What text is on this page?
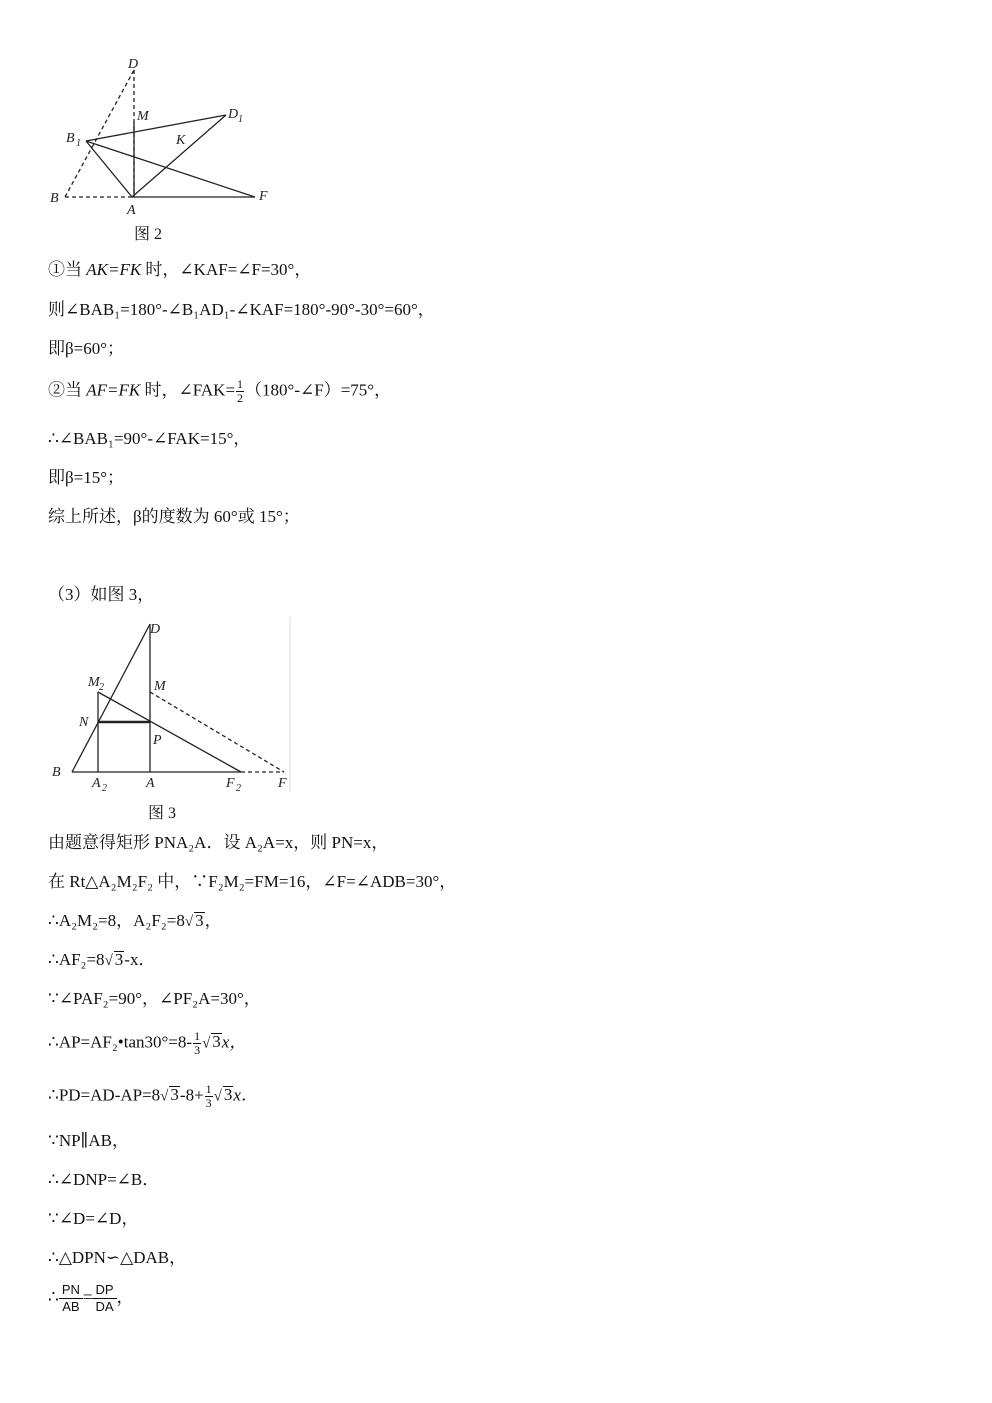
D
M	D 1
B 1	K
B
A
F
图 2
①当 AK=FK 时，∠KAF=∠F=30°，
则∠BAB₁=180°-∠B₁AD₁-∠KAF=180°-90°-30°=60°，
即β=60°；
②当 AF=FK 时，∠FAK= $\frac{1}{2}$ （180°-∠F）=75°，
∴∠BAB₁=90°-∠FAK=15°，
即β=15°；
综上所述，β的度数为 60°或 15°；
（3）如图 3，
D
M 2	M
N
P
B
A 2	A	F 2	F
图 3
由题意得矩形 PNA₂A．设 A₂A=x，则 PN=x，
在 Rt△A₂M₂F₂ 中，∵F₂M₂=FM=16，∠F=∠ADB=30°，
∴A₂M₂=8，A₂F₂=8√ 3，
∴AF₂=8√ 3-x．
∵∠PAF₂=90°，∠PF₂A=30°，
∴AP=AF₂•tan30°=8- $\frac{1}{3}$ √ 3x，
∴PD=AD-AP=8√ $3-8+ \frac{1}{3}$ √ 3x．
∵NP∥AB，
∴∠DNP=∠B．
∵∠D=∠D，
∴△DPN∽△DAB，
∴ $\frac{PN}{AB} = \frac{DP}{DA}$ ，
